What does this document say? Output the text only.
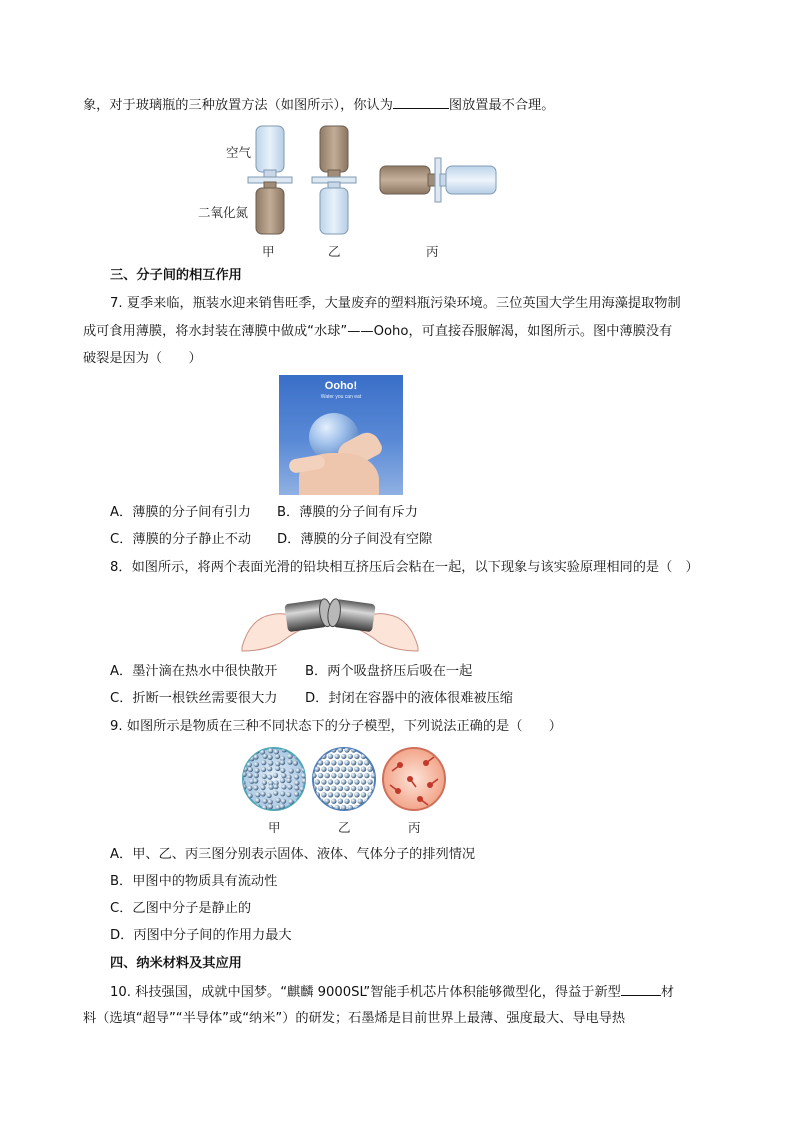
象，对于玻璃瓶的三种放置方法（如图所示），你认为	图放置最不合理。
空气
二氧化氮
甲	乙	丙
三、分子间的相互作用
7. 夏季来临，瓶装水迎来销售旺季，大量废弃的塑料瓶污染环境。三位英国大学生用海藻提取物制
成可食用薄膜，将水封装在薄膜中做成“水球”——Ooho，可直接吞服解渴，如图所示。图中薄膜没有
破裂是因为（　　）
Ooho!
Water you can eat
A．薄膜的分子间有引力 B．薄膜的分子间有斥力
C．薄膜的分子静止不动 D．薄膜的分子间没有空隙
8．如图所示，将两个表面光滑的铅块相互挤压后会粘在一起，以下现象与该实验原理相同的是（　）
A．墨汁滴在热水中很快散开 B．两个吸盘挤压后吸在一起
C．折断一根铁丝需要很大力 D．封闭在容器中的液体很难被压缩
9. 如图所示是物质在三种不同状态下的分子模型，下列说法正确的是（　　）
甲	乙	丙
A．甲、乙、丙三图分别表示固体、液体、气体分子的排列情况
B．甲图中的物质具有流动性
C．乙图中分子是静止的
D．丙图中分子间的作用力最大
四、纳米材料及其应用
10. 科技强国，成就中国梦。“麒麟 9000SL”智能手机芯片体积能够微型化，得益于新型	材
料（选填“超导”“半导体”或“纳米”）的研发；石墨烯是目前世界上最薄、强度最大、导电导热
